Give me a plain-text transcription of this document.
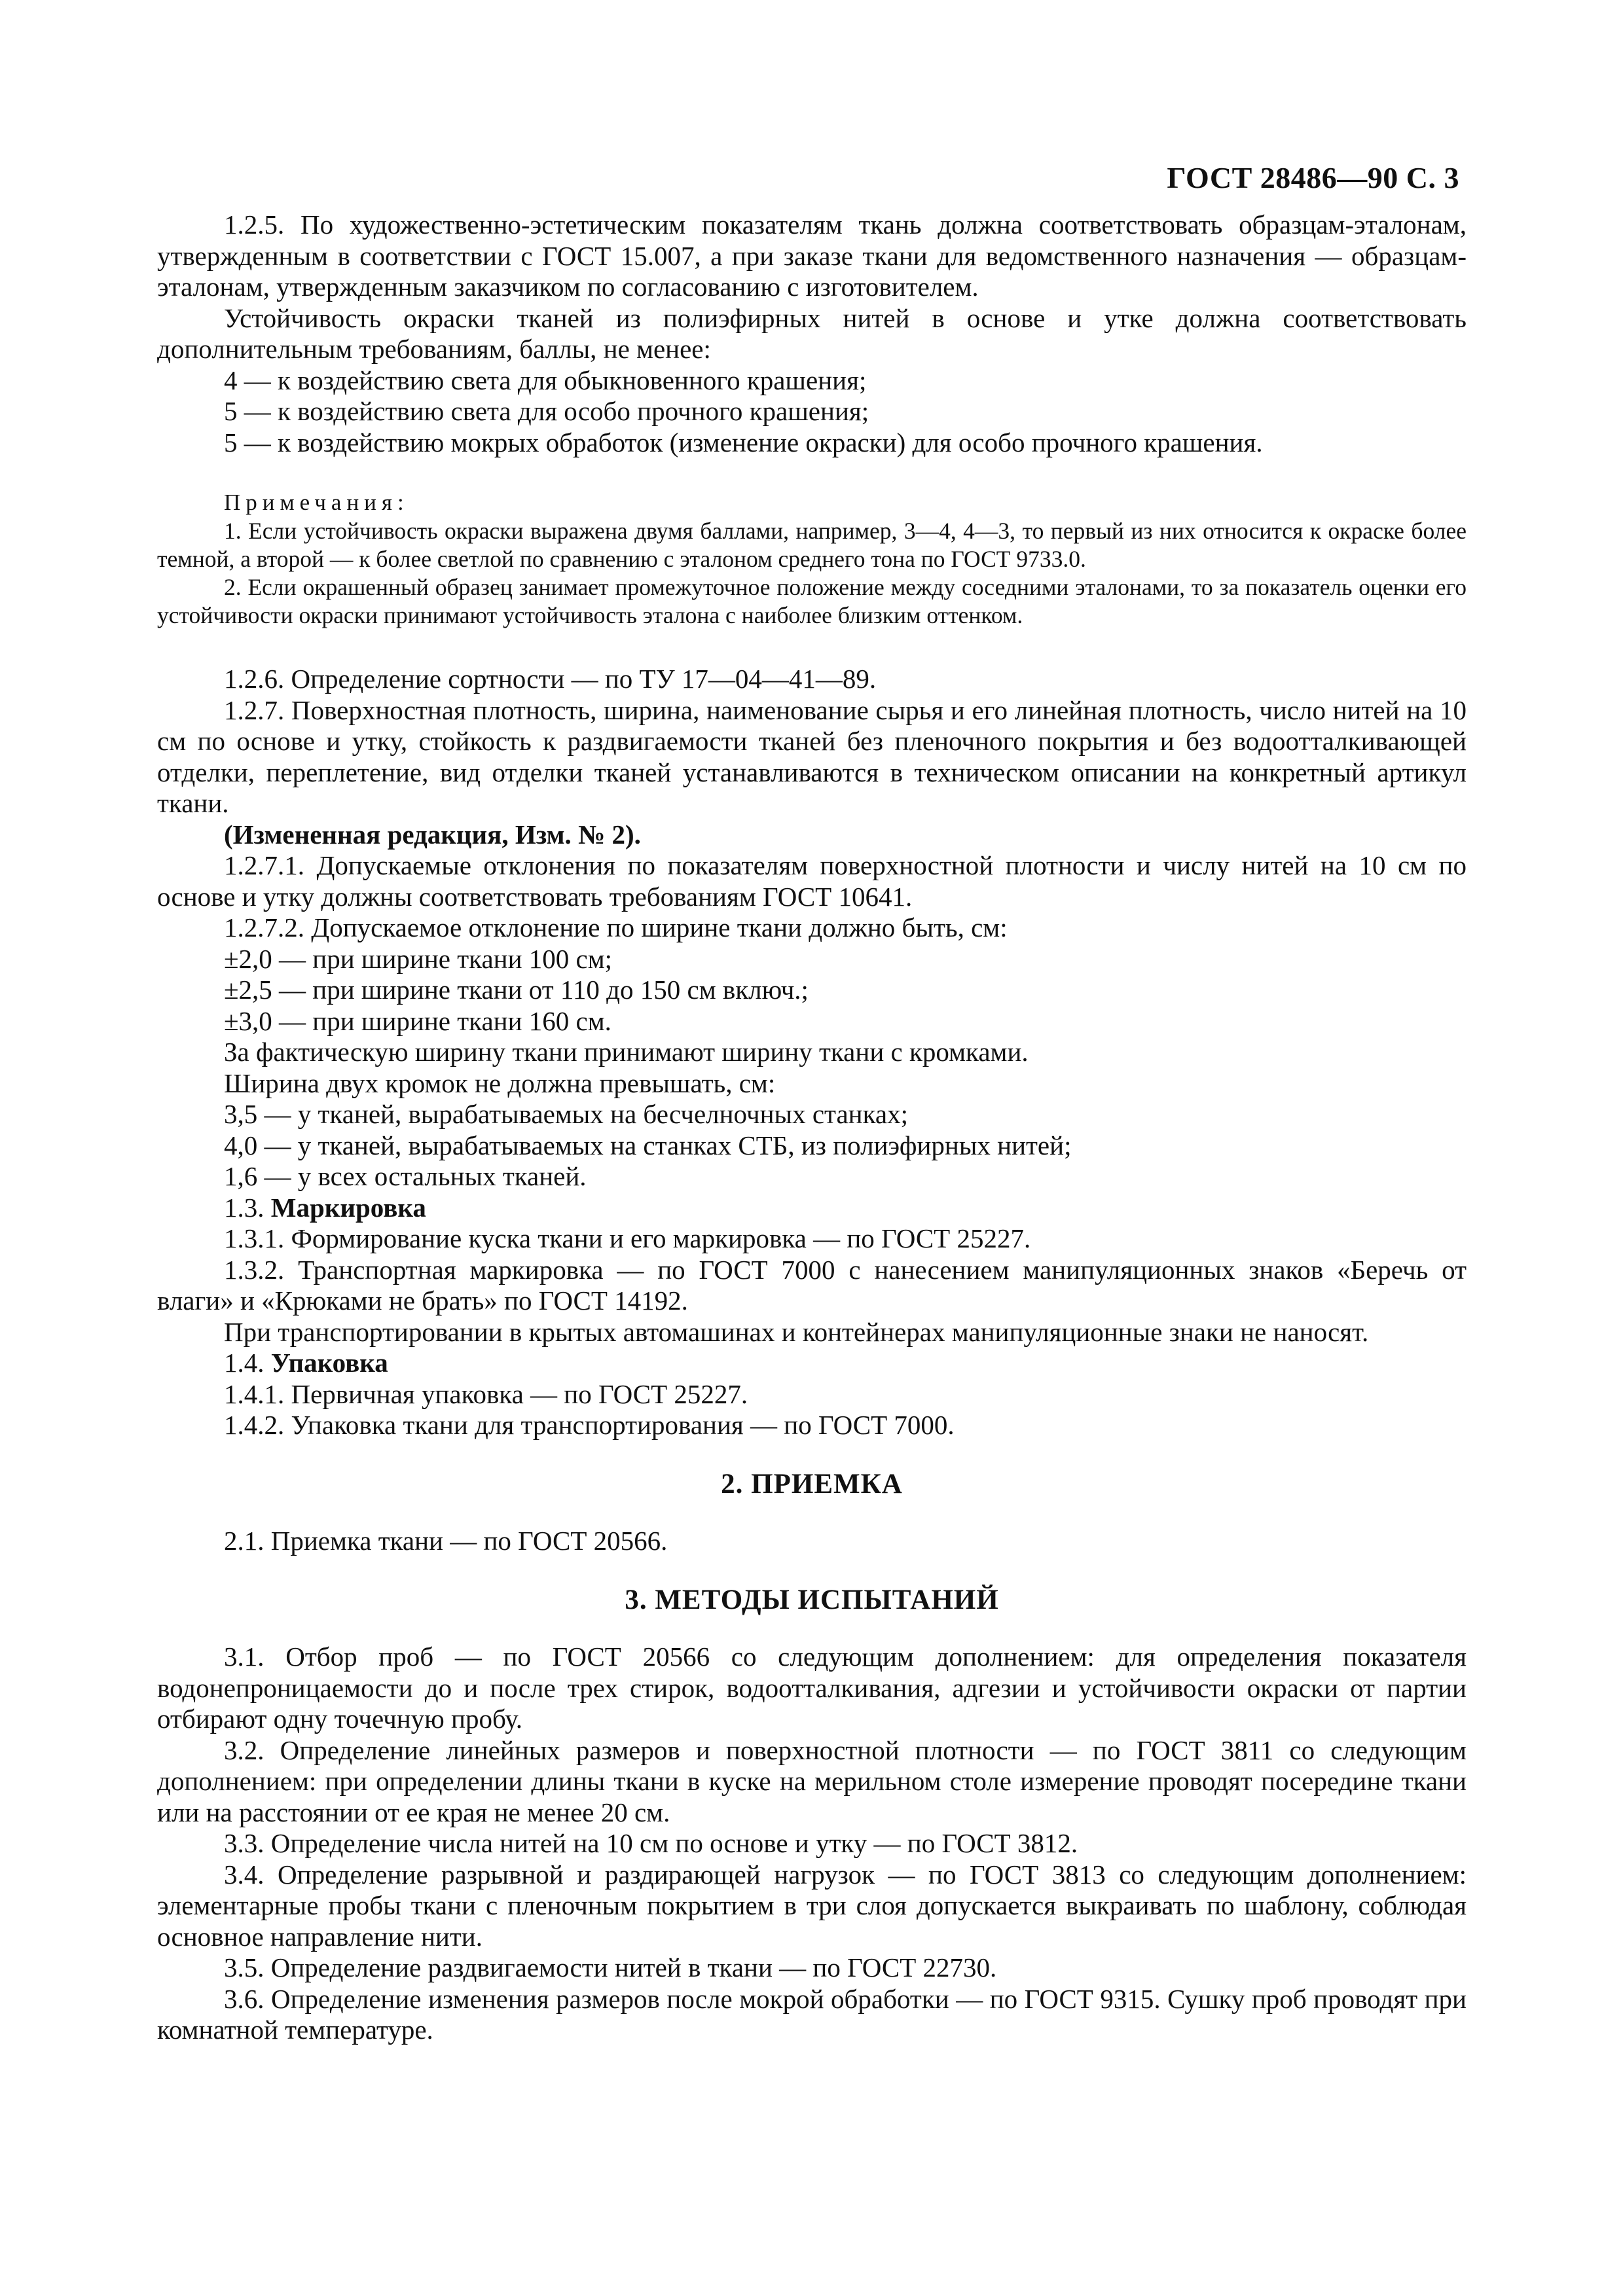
ГОСТ 28486—90 С. 3

1.2.5. По художественно-эстетическим показателям ткань должна соответствовать образцам-эталонам, утвержденным в соответствии с ГОСТ 15.007, а при заказе ткани для ведомственного назначения — образцам-эталонам, утвержденным заказчиком по согласованию с изготовителем.

Устойчивость окраски тканей из полиэфирных нитей в основе и утке должна соответствовать дополнительным требованиям, баллы, не менее:

4 — к воздействию света для обыкновенного крашения;

5 — к воздействию света для особо прочного крашения;

5 — к воздействию мокрых обработок (изменение окраски) для особо прочного крашения.

Примечания:

1. Если устойчивость окраски выражена двумя баллами, например, 3—4, 4—3, то первый из них относится к окраске более темной, а второй — к более светлой по сравнению с эталоном среднего тона по ГОСТ 9733.0.

2. Если окрашенный образец занимает промежуточное положение между соседними эталонами, то за показатель оценки его устойчивости окраски принимают устойчивость эталона с наиболее близким оттенком.

1.2.6. Определение сортности — по ТУ 17—04—41—89.

1.2.7. Поверхностная плотность, ширина, наименование сырья и его линейная плотность, число нитей на 10 см по основе и утку, стойкость к раздвигаемости тканей без пленочного покрытия и без водоотталкивающей отделки, переплетение, вид отделки тканей устанавливаются в техническом описании на конкретный артикул ткани.

(Измененная редакция, Изм. № 2).

1.2.7.1. Допускаемые отклонения по показателям поверхностной плотности и числу нитей на 10 см по основе и утку должны соответствовать требованиям ГОСТ 10641.

1.2.7.2. Допускаемое отклонение по ширине ткани должно быть, см:

±2,0 — при ширине ткани 100 см;

±2,5 — при ширине ткани от 110 до 150 см включ.;

±3,0 — при ширине ткани 160 см.

За фактическую ширину ткани принимают ширину ткани с кромками.

Ширина двух кромок не должна превышать, см:

3,5 — у тканей, вырабатываемых на бесчелночных станках;

4,0 — у тканей, вырабатываемых на станках СТБ, из полиэфирных нитей;

1,6 — у всех остальных тканей.

1.3. Маркировка

1.3.1. Формирование куска ткани и его маркировка — по ГОСТ 25227.

1.3.2. Транспортная маркировка — по ГОСТ 7000 с нанесением манипуляционных знаков «Беречь от влаги» и «Крюками не брать» по ГОСТ 14192.

При транспортировании в крытых автомашинах и контейнерах манипуляционные знаки не наносят.

1.4. Упаковка

1.4.1. Первичная упаковка — по ГОСТ 25227.

1.4.2. Упаковка ткани для транспортирования — по ГОСТ 7000.

2. ПРИЕМКА

2.1. Приемка ткани — по ГОСТ 20566.

3. МЕТОДЫ ИСПЫТАНИЙ

3.1. Отбор проб — по ГОСТ 20566 со следующим дополнением: для определения показателя водонепроницаемости до и после трех стирок, водоотталкивания, адгезии и устойчивости окраски от партии отбирают одну точечную пробу.

3.2. Определение линейных размеров и поверхностной плотности — по ГОСТ 3811 со следующим дополнением: при определении длины ткани в куске на мерильном столе измерение проводят посередине ткани или на расстоянии от ее края не менее 20 см.

3.3. Определение числа нитей на 10 см по основе и утку — по ГОСТ 3812.

3.4. Определение разрывной и раздирающей нагрузок — по ГОСТ 3813 со следующим дополнением: элементарные пробы ткани с пленочным покрытием в три слоя допускается выкраивать по шаблону, соблюдая основное направление нити.

3.5. Определение раздвигаемости нитей в ткани — по ГОСТ 22730.

3.6. Определение изменения размеров после мокрой обработки — по ГОСТ 9315. Сушку проб проводят при комнатной температуре.
